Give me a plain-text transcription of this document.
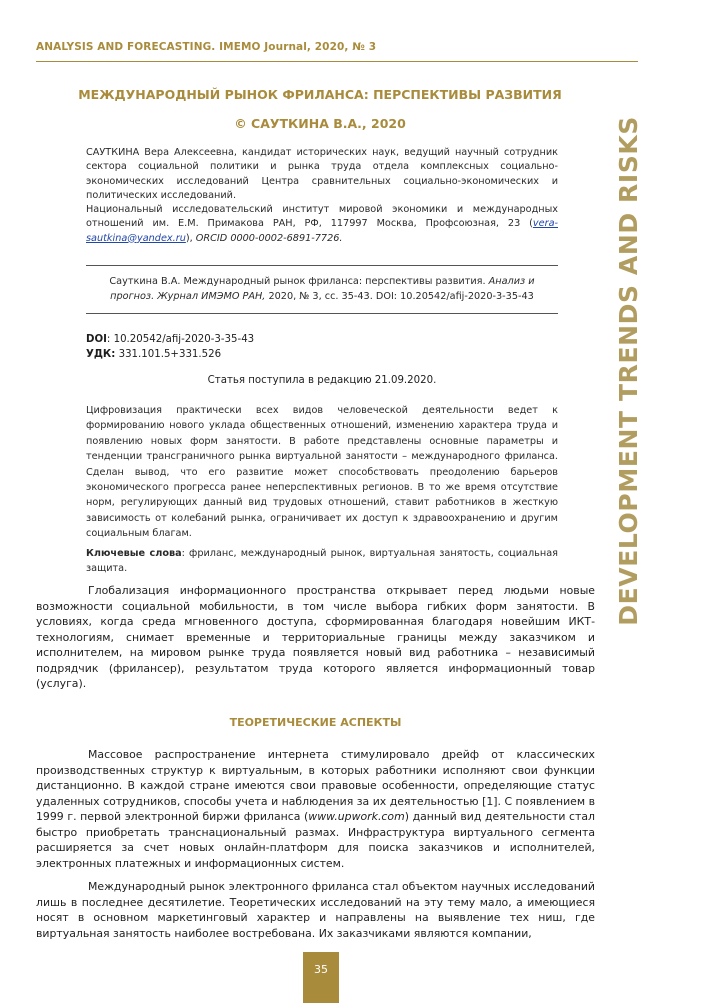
ANALYSIS AND FORECASTING. IMEMO Journal, 2020, № 3
DEVELOPMENT TRENDS AND RISKS
МЕЖДУНАРОДНЫЙ РЫНОК ФРИЛАНСА: ПЕРСПЕКТИВЫ РАЗВИТИЯ
© САУТКИНА В.А., 2020

САУТКИНА Вера Алексеевна, кандидат исторических наук, ведущий научный сотрудник сектора социальной политики и рынка труда отдела комплексных социально-экономических исследований Центра сравнительных социально-экономических и политических исследований.

Национальный исследовательский институт мировой экономики и международных отношений им. Е.М. Примакова РАН, РФ, 117997 Москва, Профсоюзная, 23 (vera-sautkina@yandex.ru), ORCID 0000-0002-6891-7726.

Сауткина В.А. Международный рынок фриланса: перспективы развития. Анализ и прогноз. Журнал ИМЭМО РАН, 2020, № 3, сс. 35-43. DOI: 10.20542/afij-2020-3-35-43
DOI: 10.20542/afij-2020-3-35-43
УДК: 331.101.5+331.526
Статья поступила в редакцию 21.09.2020.
Цифровизация практически всех видов человеческой деятельности ведет к формированию нового уклада общественных отношений, изменению характера труда и появлению новых форм занятости. В работе представлены основные параметры и тенденции трансграничного рынка виртуальной занятости – международного фриланса. Сделан вывод, что его развитие может способствовать преодолению барьеров экономического прогресса ранее неперспективных регионов. В то же время отсутствие норм, регулирующих данный вид трудовых отношений, ставит работников в жесткую зависимость от колебаний рынка, ограничивает их доступ к здравоохранению и другим социальным благам.
Ключевые слова: фриланс, международный рынок, виртуальная занятость, социальная защита.
Глобализация информационного пространства открывает перед людьми новые возможности социальной мобильности, в том числе выбора гибких форм занятости. В условиях, когда среда мгновенного доступа, сформированная благодаря новейшим ИКТ-технологиям, снимает временные и территориальные границы между заказчиком и исполнителем, на мировом рынке труда появляется новый вид работника – независимый подрядчик (фрилансер), результатом труда которого является информационный товар (услуга).
ТЕОРЕТИЧЕСКИЕ АСПЕКТЫ
Массовое распространение интернета стимулировало дрейф от классических производственных структур к виртуальным, в которых работники исполняют свои функции дистанционно. В каждой стране имеются свои правовые особенности, определяющие статус удаленных сотрудников, способы учета и наблюдения за их деятельностью [1]. С появлением в 1999 г. первой электронной биржи фриланса (www.upwork.com) данный вид деятельности стал быстро приобретать транснациональный размах. Инфраструктура виртуального сегмента расширяется за счет новых онлайн-платформ для поиска заказчиков и исполнителей, электронных платежных и информационных систем.
Международный рынок электронного фриланса стал объектом научных исследований лишь в последнее десятилетие. Теоретических исследований на эту тему мало, а имеющиеся носят в основном маркетинговый характер и направлены на выявление тех ниш, где виртуальная занятость наиболее востребована. Их заказчиками являются компании,
35
